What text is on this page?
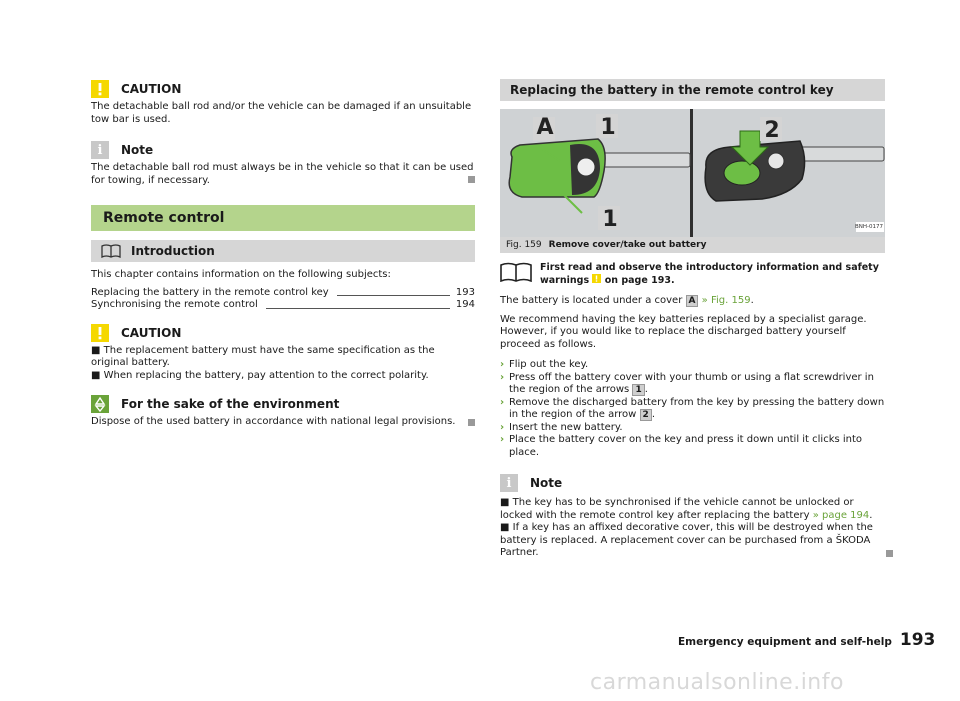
CAUTION

The detachable ball rod and/or the vehicle can be damaged if an unsuitable tow bar is used.

i	Note

The detachable ball rod must always be in the vehicle so that it can be used for towing, if necessary.

Remote control
Introduction

This chapter contains information on the following subjects:

Replacing the battery in the remote control key	193
Synchronising the remote control	194
CAUTION

■ The replacement battery must have the same specification as the original battery.

■ When replacing the battery, pay attention to the correct polarity.

For the sake of the environment

Dispose of the used battery in accordance with national legal provisions.

Replacing the battery in the remote control key
A 1
1
2
BNH-0177
Fig. 159 Remove cover/take out battery

First read and observe the introductory information and safety warnings on page 193.

The battery is located under a cover A » Fig. 159.

We recommend having the key batteries replaced by a specialist garage. However, if you would like to replace the discharged battery yourself proceed as follows.

› Flip out the key.
› Press off the battery cover with your thumb or using a flat screwdriver in the region of the arrows 1 .
› Remove the discharged battery from the key by pressing the battery down in the region of the arrow 2 .
› Insert the new battery.
› Place the battery cover on the key and press it down until it clicks into place.
i	Note

■ The key has to be synchronised if the vehicle cannot be unlocked or locked with the remote control key after replacing the battery » page 194.

■ If a key has an affixed decorative cover, this will be destroyed when the battery is replaced. A replacement cover can be purchased from a ŠKODA Partner.

Emergency equipment and self-help 193
carmanualsonline.info
